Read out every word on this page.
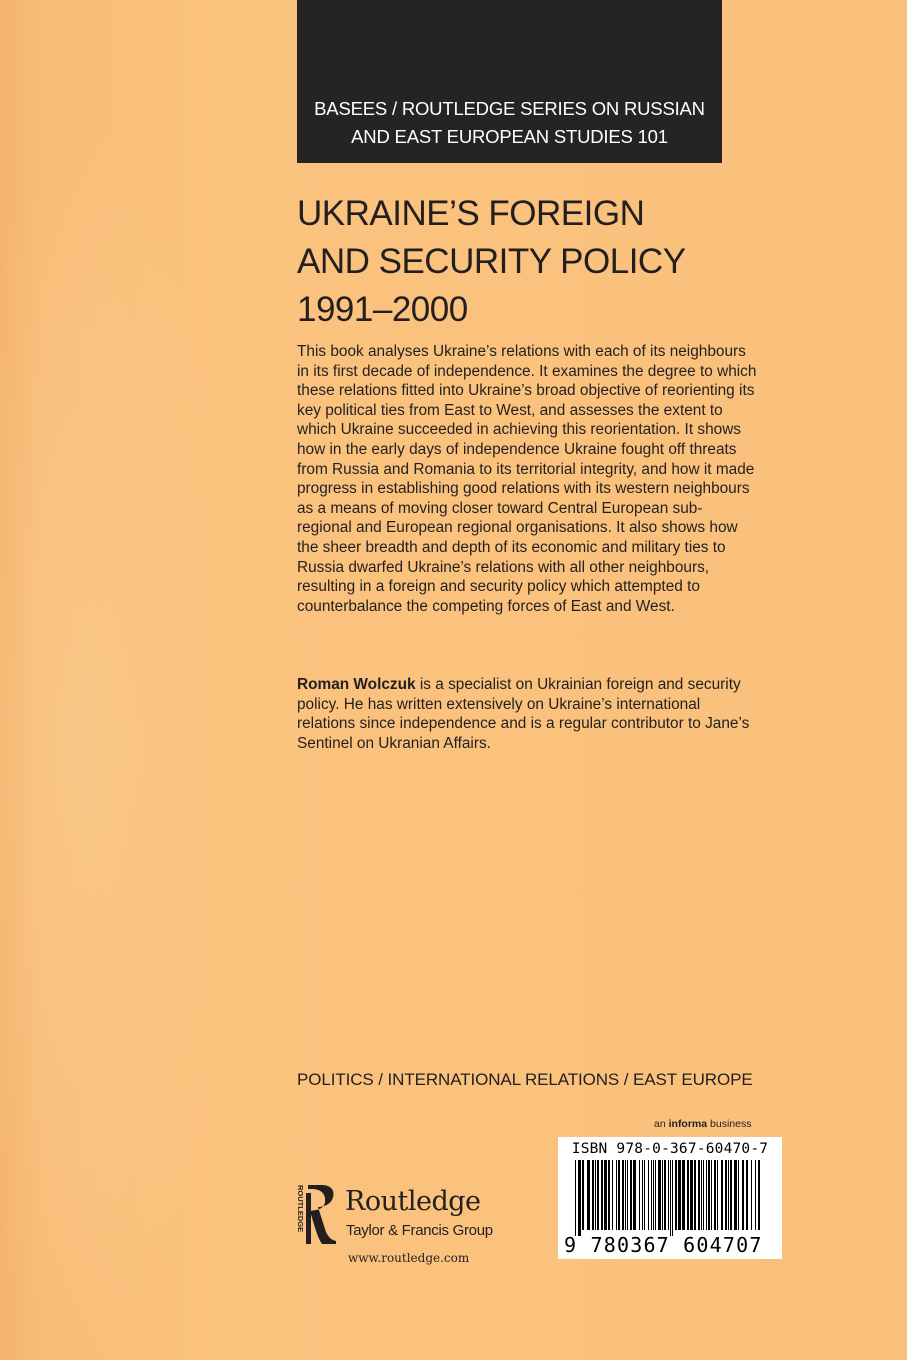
BASEES / ROUTLEDGE SERIES ON RUSSIAN
AND EAST EUROPEAN STUDIES 101
UKRAINE’S FOREIGN
AND SECURITY POLICY
1991–2000

This book analyses Ukraine’s relations with each of its neighbours in its first decade of independence. It examines the degree to which these relations fitted into Ukraine’s broad objective of reorienting its key political ties from East to West, and assesses the extent to which Ukraine succeeded in achieving this reorientation. It shows how in the early days of independence Ukraine fought off threats from Russia and Romania to its territorial integrity, and how it made progress in establishing good relations with its western neighbours as a means of moving closer toward Central European sub-regional and European regional organisations. It also shows how the sheer breadth and depth of its economic and military ties to Russia dwarfed Ukraine’s relations with all other neighbours, resulting in a foreign and security policy which attempted to counterbalance the competing forces of East and West.

Roman Wolczuk is a specialist on Ukrainian foreign and security policy. He has written extensively on Ukraine’s international relations since independence and is a regular contributor to Jane’s Sentinel on Ukranian Affairs.

POLITICS / INTERNATIONAL RELATIONS / EAST EUROPE
an informa business
ISBN 978-0-367-60470-7
9 780367 604707
ROUTLEDGE Routledge
Taylor & Francis Group
www.routledge.com
